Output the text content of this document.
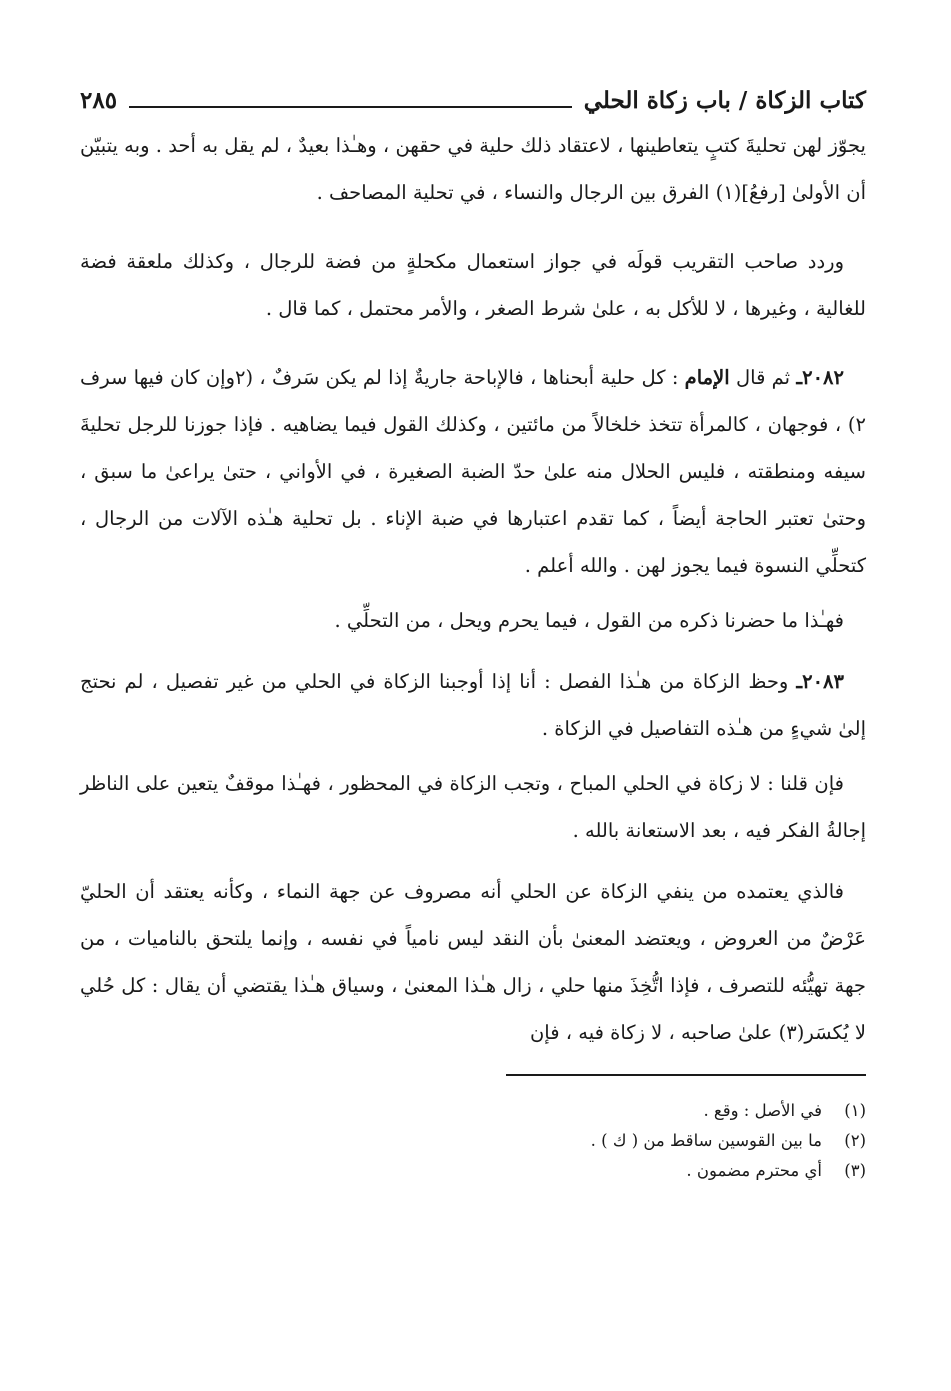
كتاب الزكاة / باب زكاة الحلي
٢٨٥

يجوّز لهن تحليةَ كتبٍ يتعاطينها ، لاعتقاد ذلك حلية في حقهن ، وهـٰذا بعيدٌ ، لم يقل به أحد . وبه يتبيّن أن الأولىٰ [رفعُ](١) الفرق بين الرجال والنساء ، في تحلية المصاحف .

وردد صاحب التقريب قولَه في جواز استعمال مكحلةٍ من فضة للرجال ، وكذلك ملعقة فضة للغالية ، وغيرها ، لا للأكل به ، علىٰ شرط الصغر ، والأمر محتمل ، كما قال .

٢٠٨٢ـ ثم قال الإمام : كل حلية أبحناها ، فالإباحة جاريةٌ إذا لم يكن سَرفٌ ، (٢وإن كان فيها سرف ٢) ، فوجهان ، كالمرأة تتخذ خلخالاً من مائتين ، وكذلك القول فيما يضاهيه . فإذا جوزنا للرجل تحليةَ سيفه ومنطقته ، فليس الحلال منه علىٰ حدّ الضبة الصغيرة ، في الأواني ، حتىٰ يراعىٰ ما سبق ، وحتىٰ تعتبر الحاجة أيضاً ، كما تقدم اعتبارها في ضبة الإناء . بل تحلية هـٰذه الآلات من الرجال ، كتحلِّي النسوة فيما يجوز لهن . والله أعلم .

فهـٰذا ما حضرنا ذكره من القول ، فيما يحرم ويحل ، من التحلِّي .

٢٠٨٣ـ وحظ الزكاة من هـٰذا الفصل : أنا إذا أوجبنا الزكاة في الحلي من غير تفصيل ، لم نحتج إلىٰ شيءٍ من هـٰذه التفاصيل في الزكاة .

فإن قلنا : لا زكاة في الحلي المباح ، وتجب الزكاة في المحظور ، فهـٰذا موقفٌ يتعين على الناظر إجالةُ الفكر فيه ، بعد الاستعانة بالله .

فالذي يعتمده من ينفي الزكاة عن الحلي أنه مصروف عن جهة النماء ، وكأنه يعتقد أن الحليّ عَرْضٌ من العروض ، ويعتضد المعنىٰ بأن النقد ليس نامياً في نفسه ، وإنما يلتحق بالناميات ، من جهة تهيُّئه للتصرف ، فإذا اتُّخِذَ منها حلي ، زال هـٰذا المعنىٰ ، وسياق هـٰذا يقتضي أن يقال : كل حُلي لا يُكسَر(٣) علىٰ صاحبه ، لا زكاة فيه ، فإن

(١)
في الأصل : وقع .
(٢)
ما بين القوسين ساقط من ( ك ) .
(٣)
أي محترم مضمون .
